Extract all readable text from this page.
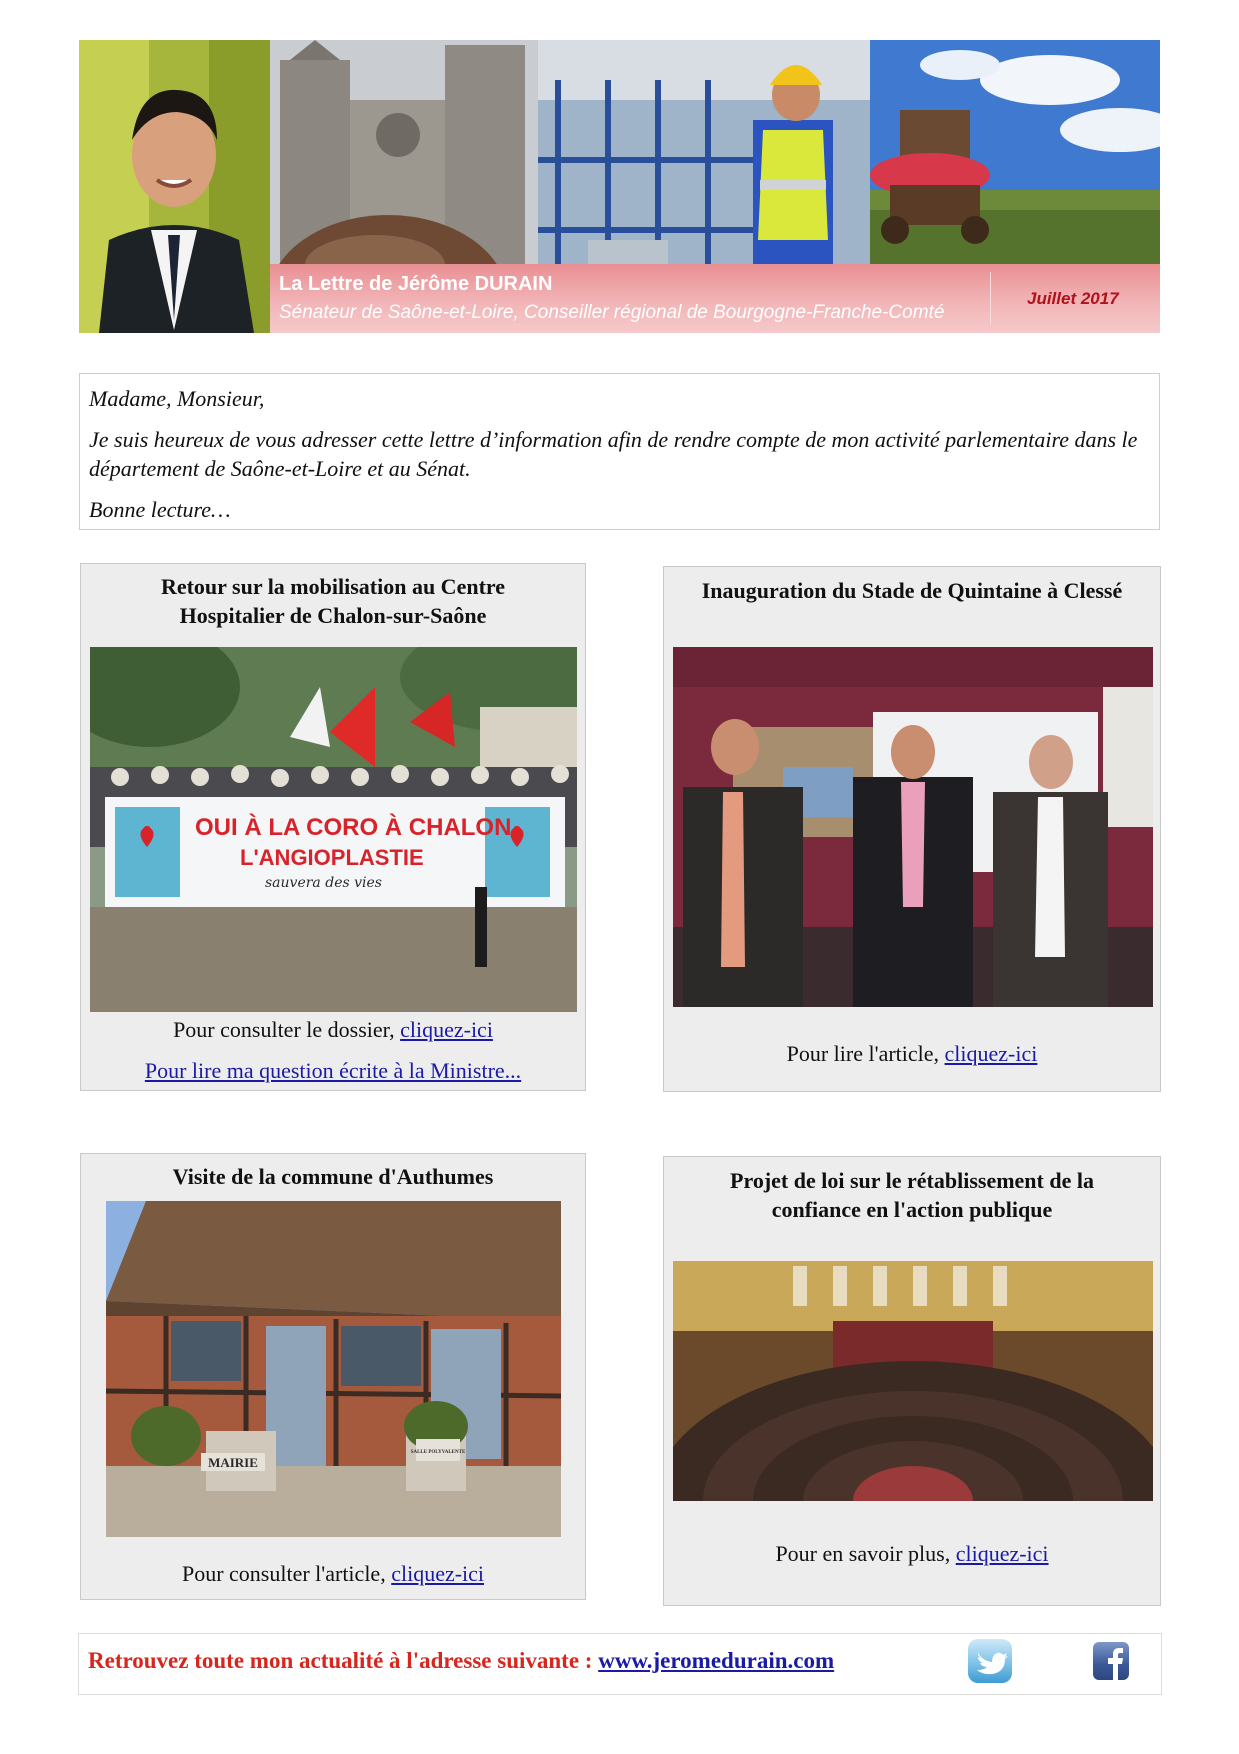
La Lettre de Jérôme DURAIN
Sénateur de Saône-et-Loire, Conseiller régional de Bourgogne-Franche-Comté
Juillet 2017

Madame, Monsieur,

Je suis heureux de vous adresser cette lettre d’information afin de rendre compte de mon activité parlementaire dans le département de Saône-et-Loire et au Sénat.

Bonne lecture…

Retour sur la mobilisation au Centre Hospitalier de Chalon-sur-Saône
OUI À LA CORO À CHALON,
L'ANGIOPLASTIE
sauvera des vies
Pour consulter le dossier, cliquez-ici
Pour lire ma question écrite à la Ministre...
Inauguration du Stade de Quintaine à Clessé
Pour lire l'article, cliquez-ici
Visite de la commune d'Authumes
MAIRIE
SALLE POLYVALENTE
Pour consulter l'article, cliquez-ici
Projet de loi sur le rétablissement de la confiance en l'action publique
Pour en savoir plus, cliquez-ici
Retrouvez toute mon actualité à l'adresse suivante : www.jeromedurain.com
